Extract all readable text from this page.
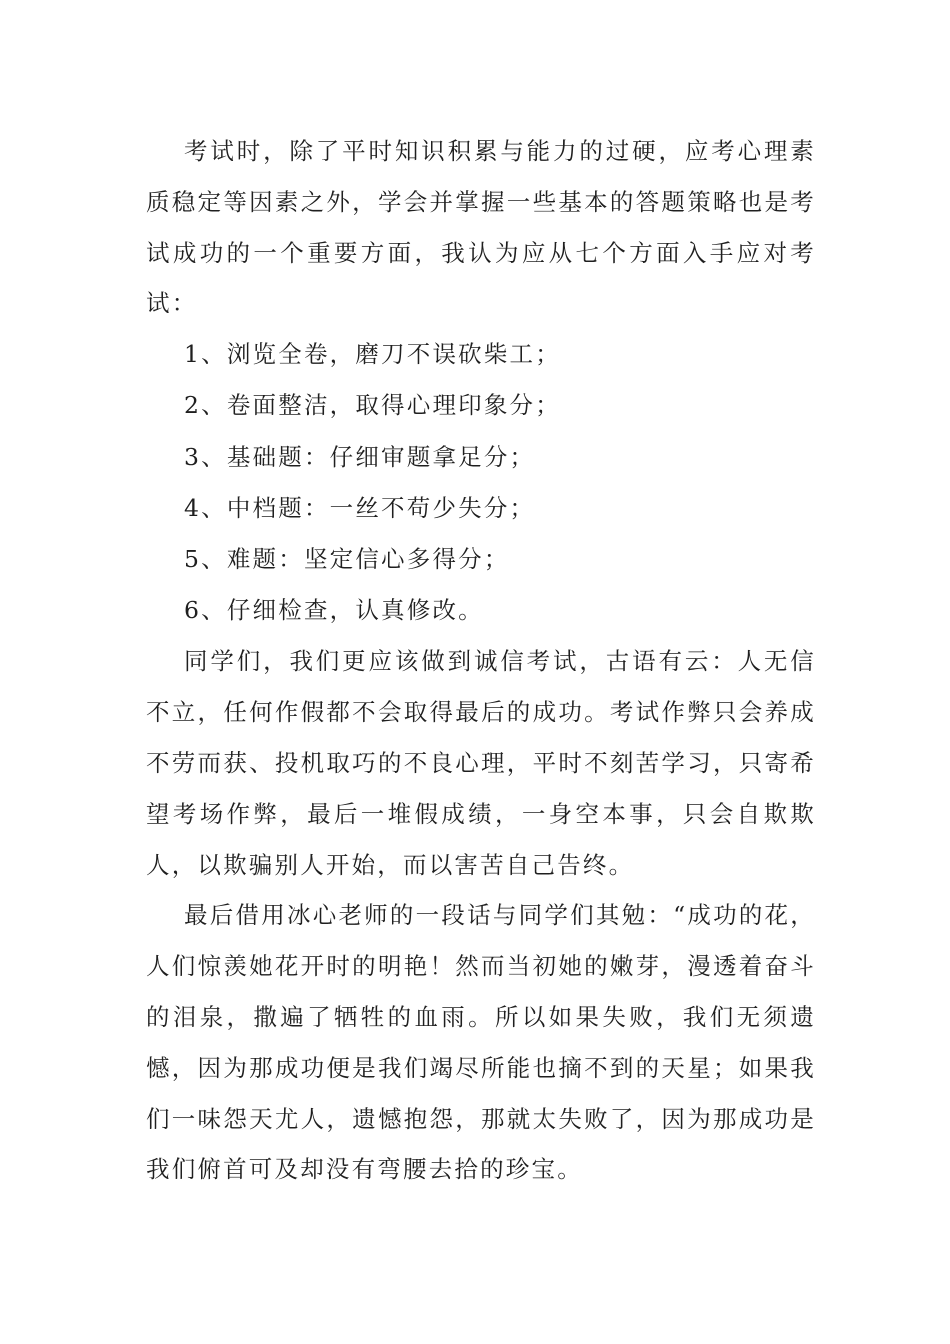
考试时，除了平时知识积累与能力的过硬，应考心理素质稳定等因素之外，学会并掌握一些基本的答题策略也是考试成功的一个重要方面，我认为应从七个方面入手应对考试：

1、浏览全卷，磨刀不误砍柴工；

2、卷面整洁，取得心理印象分；

3、基础题：仔细审题拿足分；

4、中档题：一丝不苟少失分；

5、难题：坚定信心多得分；

6、仔细检查，认真修改。

同学们，我们更应该做到诚信考试，古语有云：人无信不立，任何作假都不会取得最后的成功。考试作弊只会养成不劳而获、投机取巧的不良心理，平时不刻苦学习，只寄希望考场作弊，最后一堆假成绩，一身空本事，只会自欺欺人，以欺骗别人开始，而以害苦自己告终。

最后借用冰心老师的一段话与同学们其勉：“成功的花，人们惊羡她花开时的明艳！然而当初她的嫩芽，漫透着奋斗的泪泉，撒遍了牺牲的血雨。所以如果失败，我们无须遗憾，因为那成功便是我们竭尽所能也摘不到的天星；如果我们一味怨天尤人，遗憾抱怨，那就太失败了，因为那成功是我们俯首可及却没有弯腰去拾的珍宝。
